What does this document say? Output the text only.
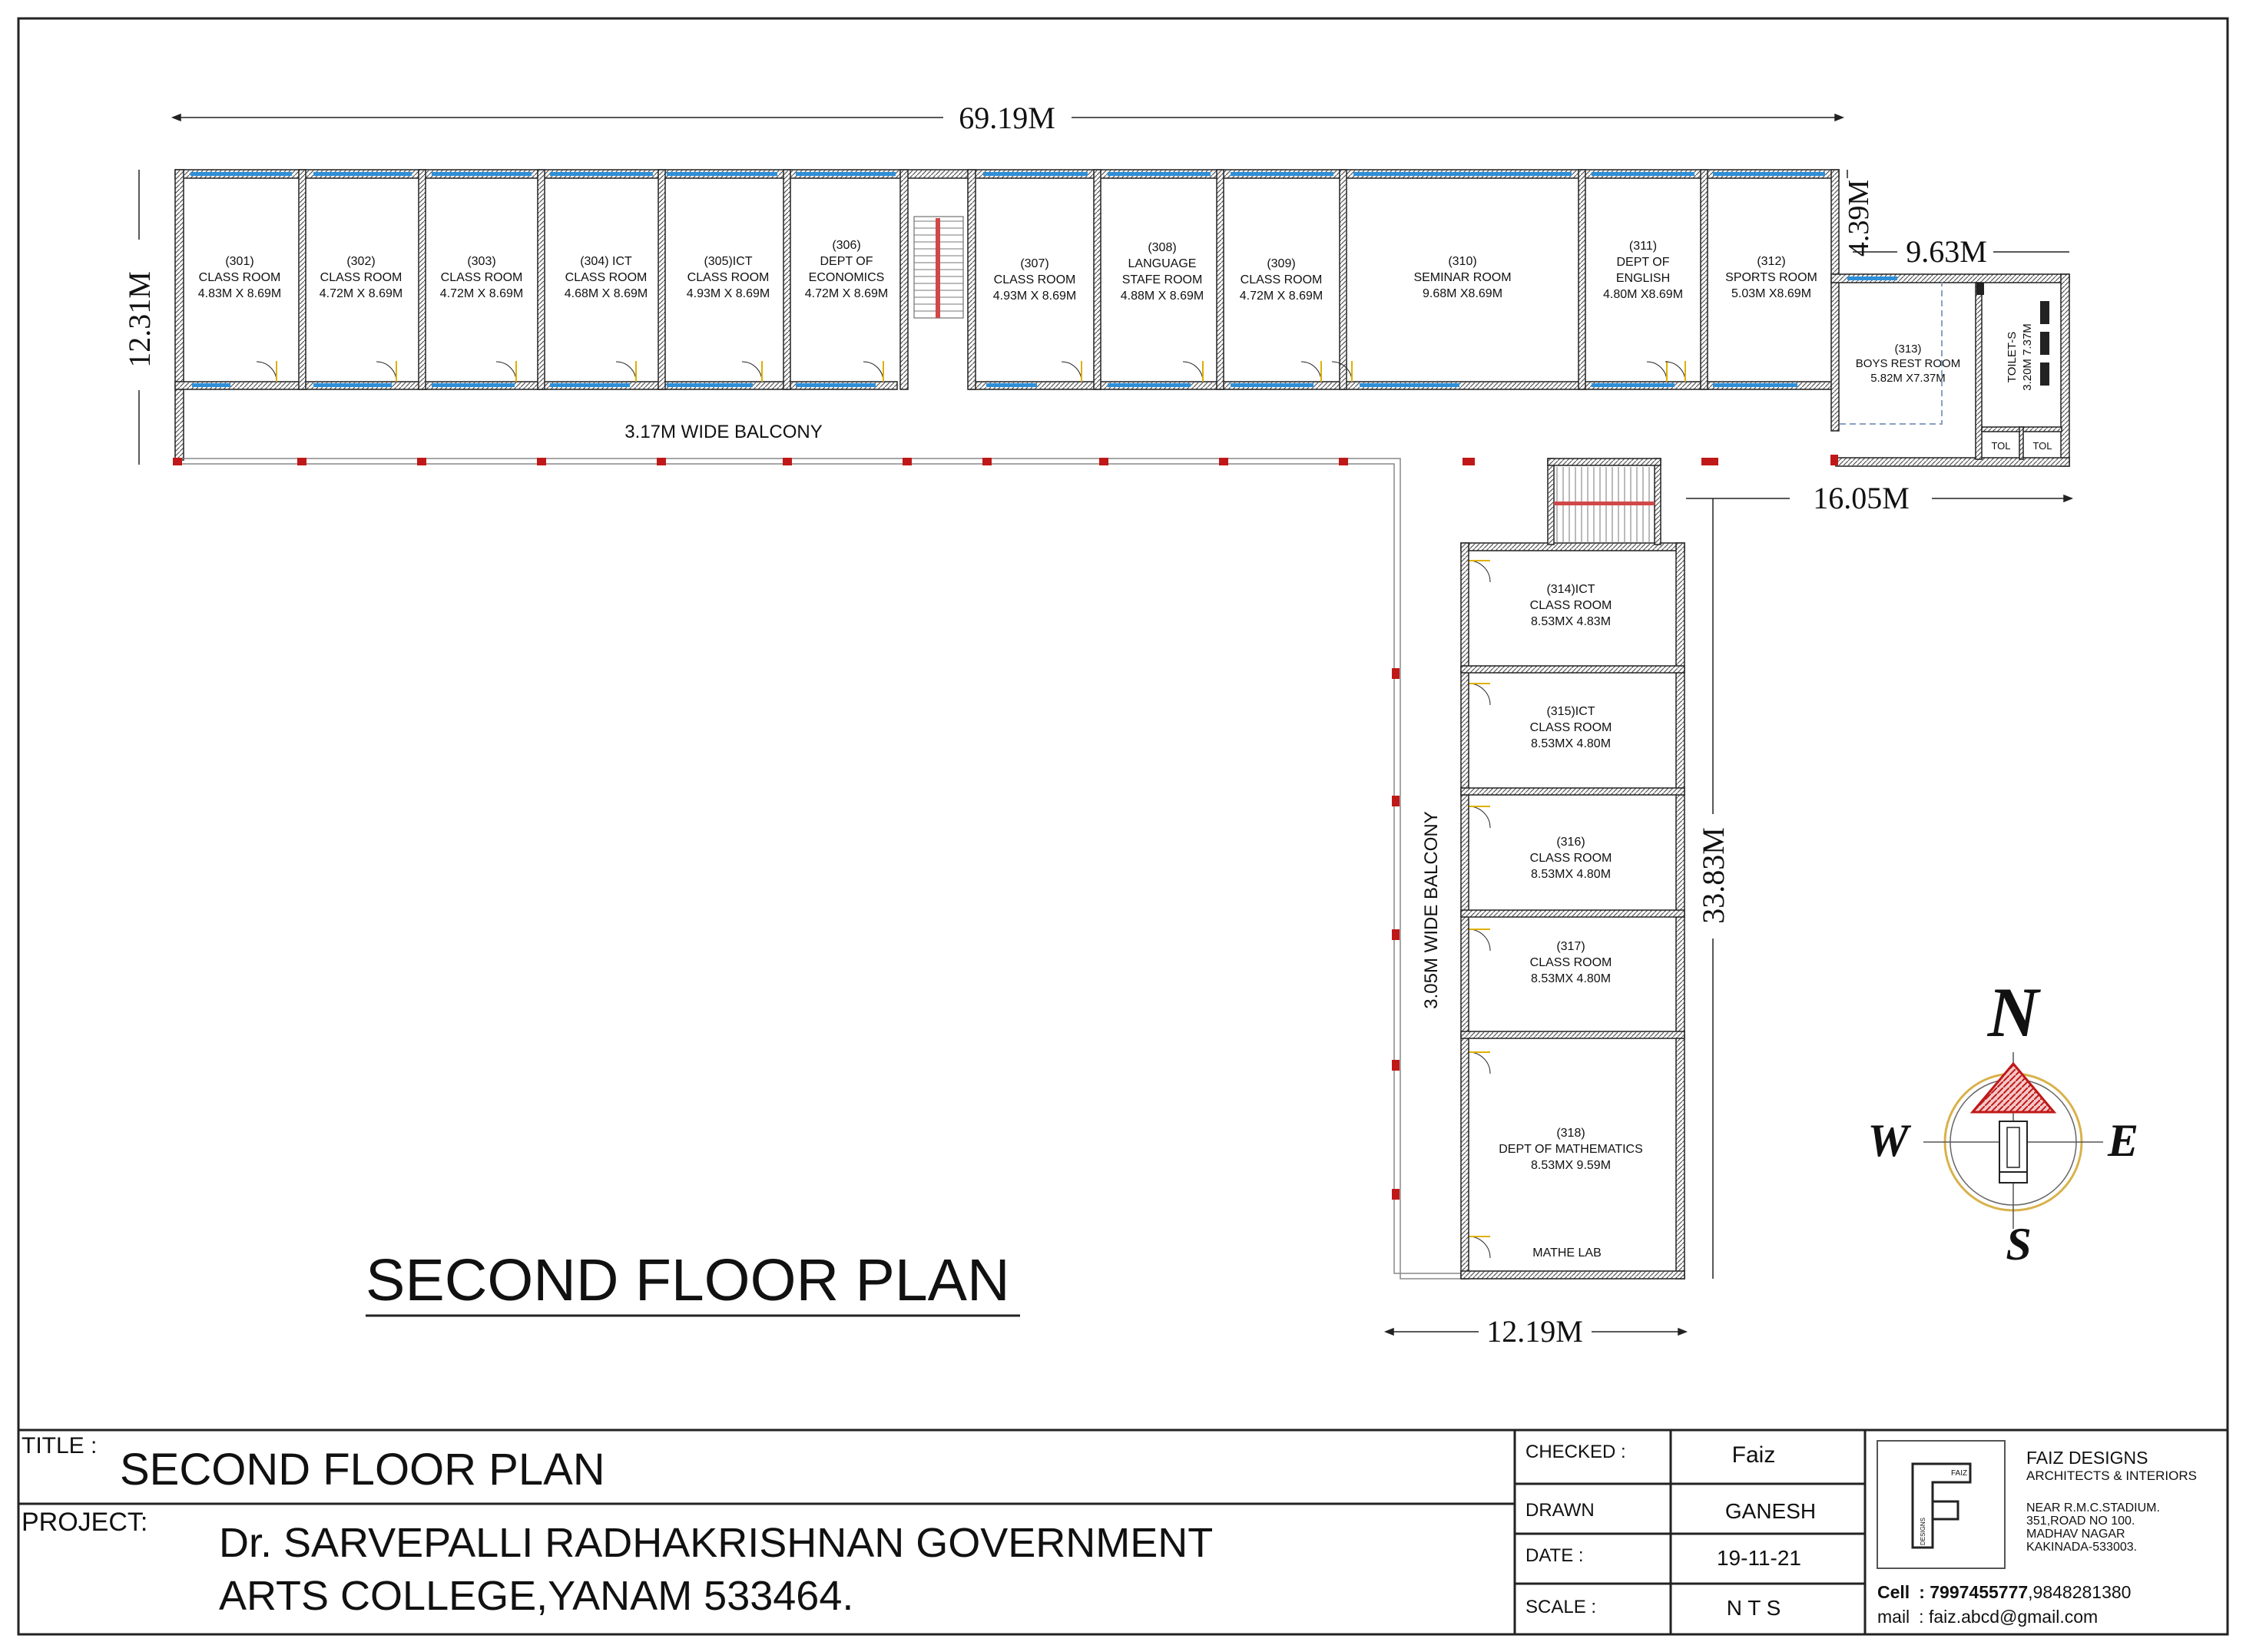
(301) CLASS ROOM 4.83M X 8.69M
(302) CLASS ROOM 4.72M X 8.69M
(303) CLASS ROOM 4.72M X 8.69M
(304) ICT CLASS ROOM 4.68M X 8.69M
(305)ICT CLASS ROOM 4.93M X 8.69M
(306) DEPT OF ECONOMICS 4.72M X 8.69M
(307) CLASS ROOM 4.93M X 8.69M
(308) LANGUAGE STAFE ROOM 4.88M X 8.69M
(309) CLASS ROOM 4.72M X 8.69M
(310) SEMINAR ROOM 9.68M X8.69M
(311) DEPT OF ENGLISH 4.80M X8.69M
(312) SPORTS ROOM 5.03M X8.69M
(313) BOYS REST ROOM 5.82M X7.37M	TOILET-S 3.20M 7.37M
TOL TOL
3.17M WIDE BALCONY
(314)ICT CLASS ROOM 8.53MX 4.83M
(315)ICT CLASS ROOM 8.53MX 4.80M
(316) CLASS ROOM 8.53MX 4.80M
(317) CLASS ROOM 8.53MX 4.80M
(318) DEPT OF MATHEMATICS 8.53MX 9.59M
MATHE LAB
3.05M WIDE BALCONY
69.19M
12.31M
4.39M 9.63M
16.05M
33.83M
12.19M
N
S
W	E
SECOND FLOOR PLAN
TITLE : SECOND FLOOR PLAN
PROJECT: Dr. SARVEPALLI RADHAKRISHNAN GOVERNMENT
ARTS COLLEGE,YANAM 533464.
CHECKED :	Faiz
DRAWN	GANESH
DATE :	19-11-21
SCALE :	N T S
FAIZ
DESIGNS
FAIZ DESIGNS
ARCHITECTS & INTERIORS
NEAR R.M.C.STADIUM. 351,ROAD NO 100. MADHAV NAGAR KAKINADA-533003.
Cell : 7997455777,9848281380
mail : faiz.abcd@gmail.com
